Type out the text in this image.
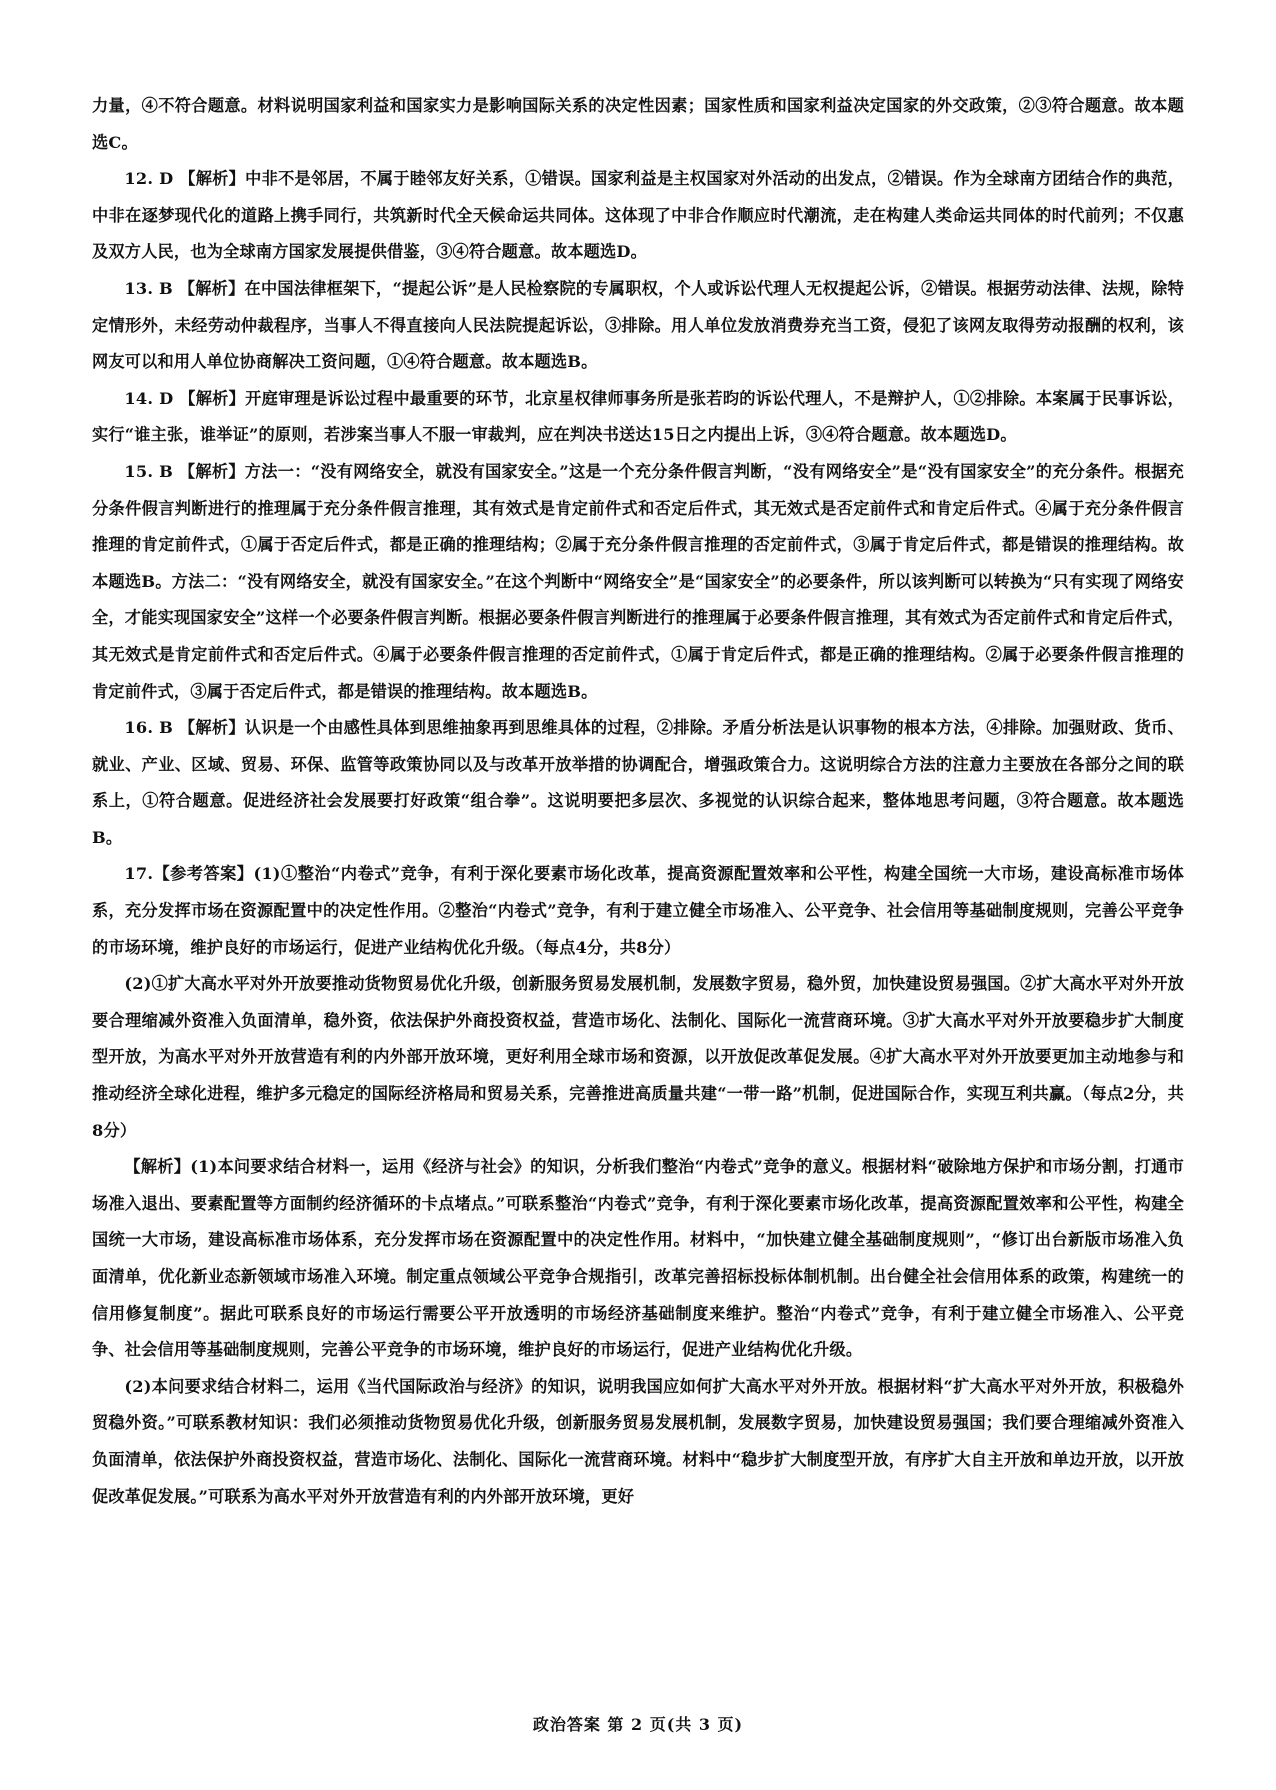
力量，④不符合题意。材料说明国家利益和国家实力是影响国际关系的决定性因素；国家性质和国家利益决定国家的外交政策，②③符合题意。故本题选C。

12. D 【解析】中非不是邻居，不属于睦邻友好关系，①错误。国家利益是主权国家对外活动的出发点，②错误。作为全球南方团结合作的典范，中非在逐梦现代化的道路上携手同行，共筑新时代全天候命运共同体。这体现了中非合作顺应时代潮流，走在构建人类命运共同体的时代前列；不仅惠及双方人民，也为全球南方国家发展提供借鉴，③④符合题意。故本题选D。

13. B 【解析】在中国法律框架下，“提起公诉”是人民检察院的专属职权，个人或诉讼代理人无权提起公诉，②错误。根据劳动法律、法规，除特定情形外，未经劳动仲裁程序，当事人不得直接向人民法院提起诉讼，③排除。用人单位发放消费券充当工资，侵犯了该网友取得劳动报酬的权利，该网友可以和用人单位协商解决工资问题，①④符合题意。故本题选B。

14. D 【解析】开庭审理是诉讼过程中最重要的环节，北京星权律师事务所是张若昀的诉讼代理人，不是辩护人，①②排除。本案属于民事诉讼，实行“谁主张，谁举证”的原则，若涉案当事人不服一审裁判，应在判决书送达15日之内提出上诉，③④符合题意。故本题选D。

15. B 【解析】方法一：“没有网络安全，就没有国家安全。”这是一个充分条件假言判断，“没有网络安全”是“没有国家安全”的充分条件。根据充分条件假言判断进行的推理属于充分条件假言推理，其有效式是肯定前件式和否定后件式，其无效式是否定前件式和肯定后件式。④属于充分条件假言推理的肯定前件式，①属于否定后件式，都是正确的推理结构；②属于充分条件假言推理的否定前件式，③属于肯定后件式，都是错误的推理结构。故本题选B。方法二：“没有网络安全，就没有国家安全。”在这个判断中“网络安全”是“国家安全”的必要条件，所以该判断可以转换为“只有实现了网络安全，才能实现国家安全”这样一个必要条件假言判断。根据必要条件假言判断进行的推理属于必要条件假言推理，其有效式为否定前件式和肯定后件式，其无效式是肯定前件式和否定后件式。④属于必要条件假言推理的否定前件式，①属于肯定后件式，都是正确的推理结构。②属于必要条件假言推理的肯定前件式，③属于否定后件式，都是错误的推理结构。故本题选B。

16. B 【解析】认识是一个由感性具体到思维抽象再到思维具体的过程，②排除。矛盾分析法是认识事物的根本方法，④排除。加强财政、货币、就业、产业、区域、贸易、环保、监管等政策协同以及与改革开放举措的协调配合，增强政策合力。这说明综合方法的注意力主要放在各部分之间的联系上，①符合题意。促进经济社会发展要打好政策“组合拳”。这说明要把多层次、多视觉的认识综合起来，整体地思考问题，③符合题意。故本题选B。

17.【参考答案】(1)①整治“内卷式”竞争，有利于深化要素市场化改革，提高资源配置效率和公平性，构建全国统一大市场，建设高标准市场体系，充分发挥市场在资源配置中的决定性作用。②整治“内卷式”竞争，有利于建立健全市场准入、公平竞争、社会信用等基础制度规则，完善公平竞争的市场环境，维护良好的市场运行，促进产业结构优化升级。（每点4分，共8分）

(2)①扩大高水平对外开放要推动货物贸易优化升级，创新服务贸易发展机制，发展数字贸易，稳外贸，加快建设贸易强国。②扩大高水平对外开放要合理缩减外资准入负面清单，稳外资，依法保护外商投资权益，营造市场化、法制化、国际化一流营商环境。③扩大高水平对外开放要稳步扩大制度型开放，为高水平对外开放营造有利的内外部开放环境，更好利用全球市场和资源，以开放促改革促发展。④扩大高水平对外开放要更加主动地参与和推动经济全球化进程，维护多元稳定的国际经济格局和贸易关系，完善推进高质量共建“一带一路”机制，促进国际合作，实现互利共赢。（每点2分，共8分）

【解析】(1)本问要求结合材料一，运用《经济与社会》的知识，分析我们整治“内卷式”竞争的意义。根据材料“破除地方保护和市场分割，打通市场准入退出、要素配置等方面制约经济循环的卡点堵点。”可联系整治“内卷式”竞争，有利于深化要素市场化改革，提高资源配置效率和公平性，构建全国统一大市场，建设高标准市场体系，充分发挥市场在资源配置中的决定性作用。材料中，“加快建立健全基础制度规则”，“修订出台新版市场准入负面清单，优化新业态新领域市场准入环境。制定重点领域公平竞争合规指引，改革完善招标投标体制机制。出台健全社会信用体系的政策，构建统一的信用修复制度”。据此可联系良好的市场运行需要公平开放透明的市场经济基础制度来维护。整治“内卷式”竞争，有利于建立健全市场准入、公平竞争、社会信用等基础制度规则，完善公平竞争的市场环境，维护良好的市场运行，促进产业结构优化升级。

(2)本问要求结合材料二，运用《当代国际政治与经济》的知识，说明我国应如何扩大高水平对外开放。根据材料“扩大高水平对外开放，积极稳外贸稳外资。”可联系教材知识：我们必须推动货物贸易优化升级，创新服务贸易发展机制，发展数字贸易，加快建设贸易强国；我们要合理缩减外资准入负面清单，依法保护外商投资权益，营造市场化、法制化、国际化一流营商环境。材料中“稳步扩大制度型开放，有序扩大自主开放和单边开放，以开放促改革促发展。”可联系为高水平对外开放营造有利的内外部开放环境，更好

政治答案 第 2 页(共 3 页)
